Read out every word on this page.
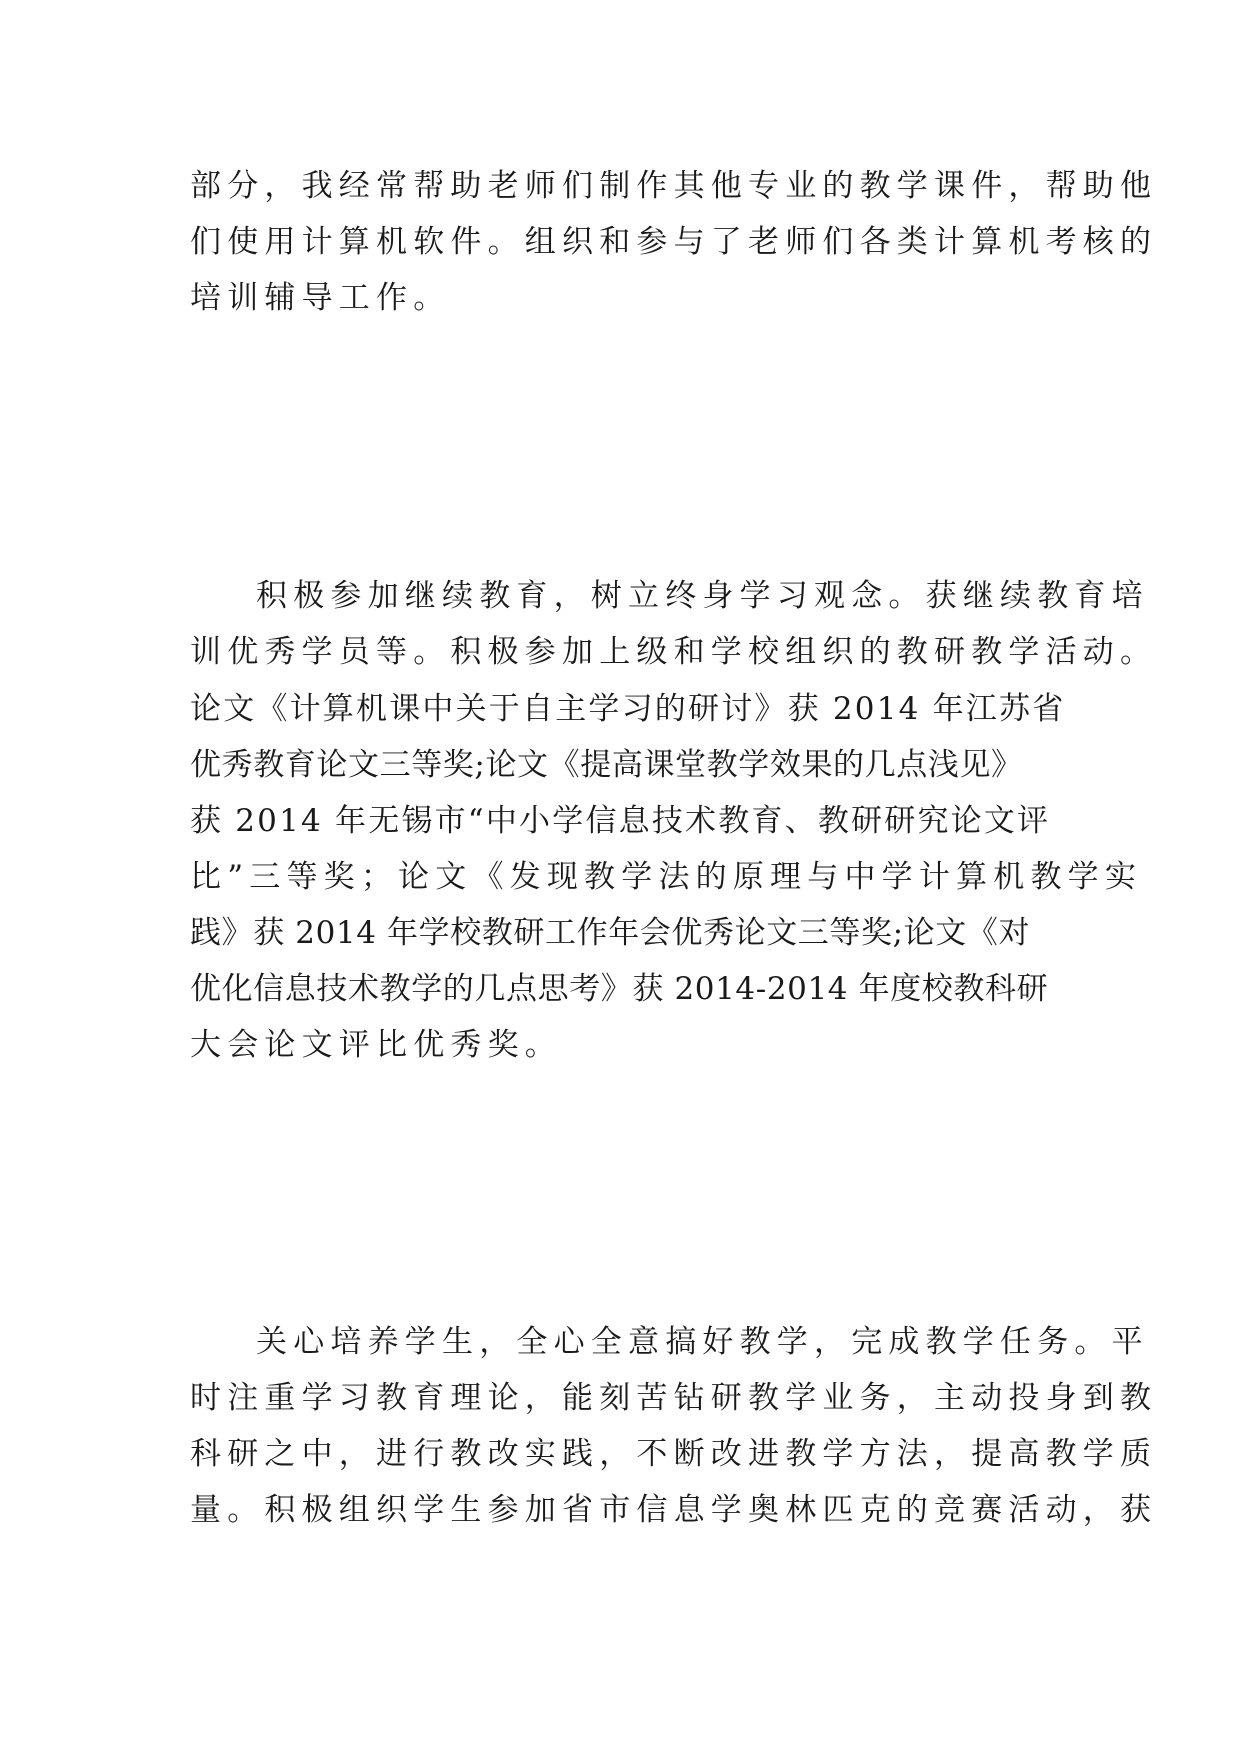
部分，我经常帮助老师们制作其他专业的教学课件，帮助他

们使用计算机软件。组织和参与了老师们各类计算机考核的

培训辅导工作。

积极参加继续教育，树立终身学习观念。获继续教育培

训优秀学员等。积极参加上级和学校组织的教研教学活动。

论文《计算机课中关于自主学习的研讨》获 2014 年江苏省

优秀教育论文三等奖;论文《提高课堂教学效果的几点浅见》

获 2014 年无锡市“中小学信息技术教育、教研研究论文评

比”三等奖；论文《发现教学法的原理与中学计算机教学实

践》获 2014 年学校教研工作年会优秀论文三等奖;论文《对

优化信息技术教学的几点思考》获 2014-2014 年度校教科研

大会论文评比优秀奖。

关心培养学生，全心全意搞好教学，完成教学任务。平

时注重学习教育理论，能刻苦钻研教学业务，主动投身到教

科研之中，进行教改实践，不断改进教学方法，提高教学质

量。积极组织学生参加省市信息学奥林匹克的竞赛活动，获
